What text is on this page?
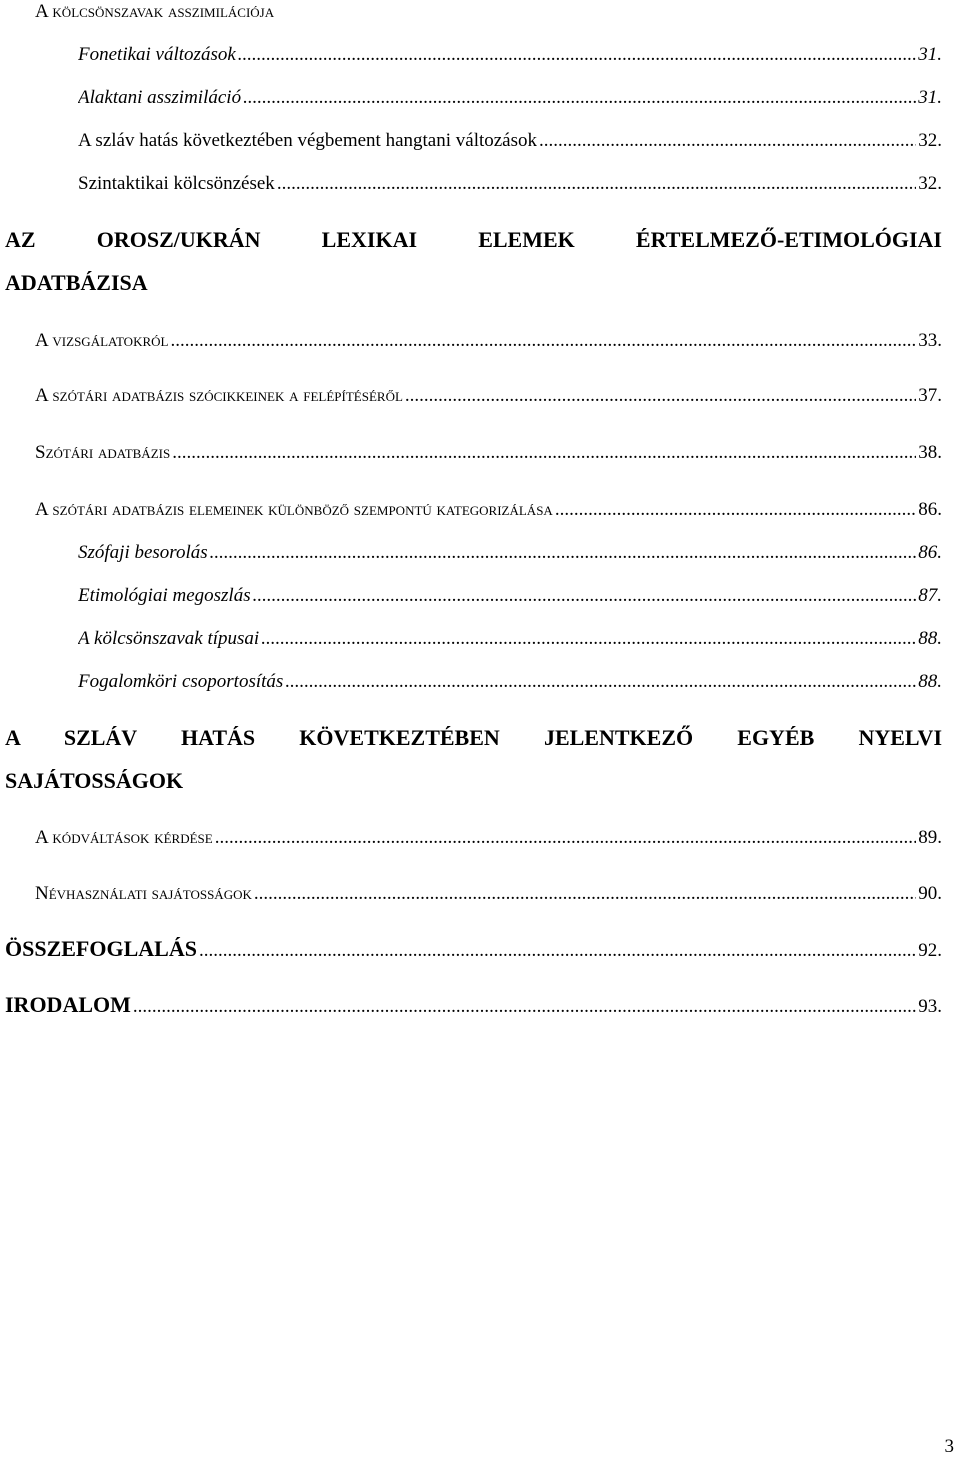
A kölcsönszavak asszimilációja
Fonetikai változások .....	31.
Alaktani asszimiláció .....	31.
A szláv hatás következtében végbement hangtani változások .....	32.
Szintaktikai kölcsönzések .....	32.
AZ OROSZ/UKRÁN LEXIKAI ELEMEK ÉRTELMEZŐ-ETIMOLÓGIAI
ADATBÁZISA
A vizsgálatokról .....	33.
A szótári adatbázis szócikkeinek a felépítéséről .....	37.
Szótári adatbázis .....	38.
A szótári adatbázis elemeinek különböző szempontú kategorizálása .....	86.
Szófaji besorolás .....	86.
Etimológiai megoszlás .....	87.
A kölcsönszavak típusai .....	88.
Fogalomköri csoportosítás .....	88.
A SZLÁV HATÁS KÖVETKEZTÉBEN JELENTKEZŐ EGYÉB NYELVI
SAJÁTOSSÁGOK
A kódváltások kérdése .....	89.
Névhasználati sajátosságok .....	90.
ÖSSZEFOGLALÁS .....	92.
IRODALOM .....	93.
3
